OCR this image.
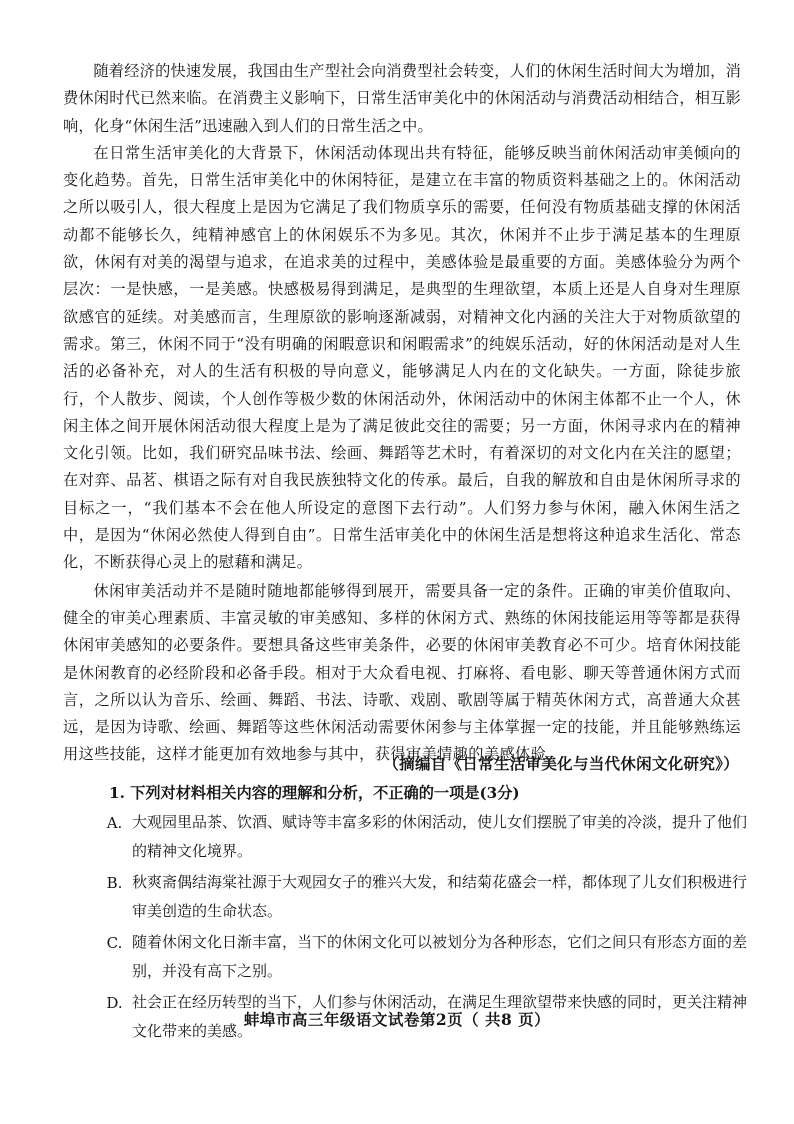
随着经济的快速发展，我国由生产型社会向消费型社会转变，人们的休闲生活时间大为增加，消费休闲时代已然来临。在消费主义影响下，日常生活审美化中的休闲活动与消费活动相结合，相互影响，化身“休闲生活”迅速融入到人们的日常生活之中。

在日常生活审美化的大背景下，休闲活动体现出共有特征，能够反映当前休闲活动审美倾向的变化趋势。首先，日常生活审美化中的休闲特征，是建立在丰富的物质资料基础之上的。休闲活动之所以吸引人，很大程度上是因为它满足了我们物质享乐的需要，任何没有物质基础支撑的休闲活动都不能够长久，纯精神感官上的休闲娱乐不为多见。其次，休闲并不止步于满足基本的生理原欲，休闲有对美的渴望与追求，在追求美的过程中，美感体验是最重要的方面。美感体验分为两个层次：一是快感，一是美感。快感极易得到满足，是典型的生理欲望，本质上还是人自身对生理原欲感官的延续。对美感而言，生理原欲的影响逐渐减弱，对精神文化内涵的关注大于对物质欲望的需求。第三，休闲不同于“没有明确的闲暇意识和闲暇需求”的纯娱乐活动，好的休闲活动是对人生活的必备补充，对人的生活有积极的导向意义，能够满足人内在的文化缺失。一方面，除徒步旅行，个人散步、阅读，个人创作等极少数的休闲活动外，休闲活动中的休闲主体都不止一个人，休闲主体之间开展休闲活动很大程度上是为了满足彼此交往的需要；另一方面，休闲寻求内在的精神文化引领。比如，我们研究品味书法、绘画、舞蹈等艺术时，有着深切的对文化内在关注的愿望；在对弈、品茗、棋语之际有对自我民族独特文化的传承。最后，自我的解放和自由是休闲所寻求的目标之一，“我们基本不会在他人所设定的意图下去行动”。人们努力参与休闲，融入休闲生活之中，是因为“休闲必然使人得到自由”。日常生活审美化中的休闲生活是想将这种追求生活化、常态化，不断获得心灵上的慰藉和满足。

休闲审美活动并不是随时随地都能够得到展开，需要具备一定的条件。正确的审美价值取向、健全的审美心理素质、丰富灵敏的审美感知、多样的休闲方式、熟练的休闲技能运用等等都是获得休闲审美感知的必要条件。要想具备这些审美条件，必要的休闲审美教育必不可少。培育休闲技能是休闲教育的必经阶段和必备手段。相对于大众看电视、打麻将、看电影、聊天等普通休闲方式而言，之所以认为音乐、绘画、舞蹈、书法、诗歌、戏剧、歌剧等属于精英休闲方式，高普通大众甚远，是因为诗歌、绘画、舞蹈等这些休闲活动需要休闲参与主体掌握一定的技能，并且能够熟练运用这些技能，这样才能更加有效地参与其中，获得审美情趣的美感体验。

（摘编自《日常生活审美化与当代休闲文化研究》）

1. 下列对材料相关内容的理解和分析，不正确的一项是(3分)

A. 大观园里品茶、饮酒、赋诗等丰富多彩的休闲活动，使儿女们摆脱了审美的冷淡，提升了他们的精神文化境界。
B. 秋爽斋偶结海棠社源于大观园女子的雅兴大发，和结菊花盛会一样，都体现了儿女们积极进行审美创造的生命状态。
C. 随着休闲文化日渐丰富，当下的休闲文化可以被划分为各种形态，它们之间只有形态方面的差别，并没有高下之别。
D. 社会正在经历转型的当下，人们参与休闲活动，在满足生理欲望带来快感的同时，更关注精神文化带来的美感。
蚌埠市高三年级语文试卷第2页（ 共8 页）
